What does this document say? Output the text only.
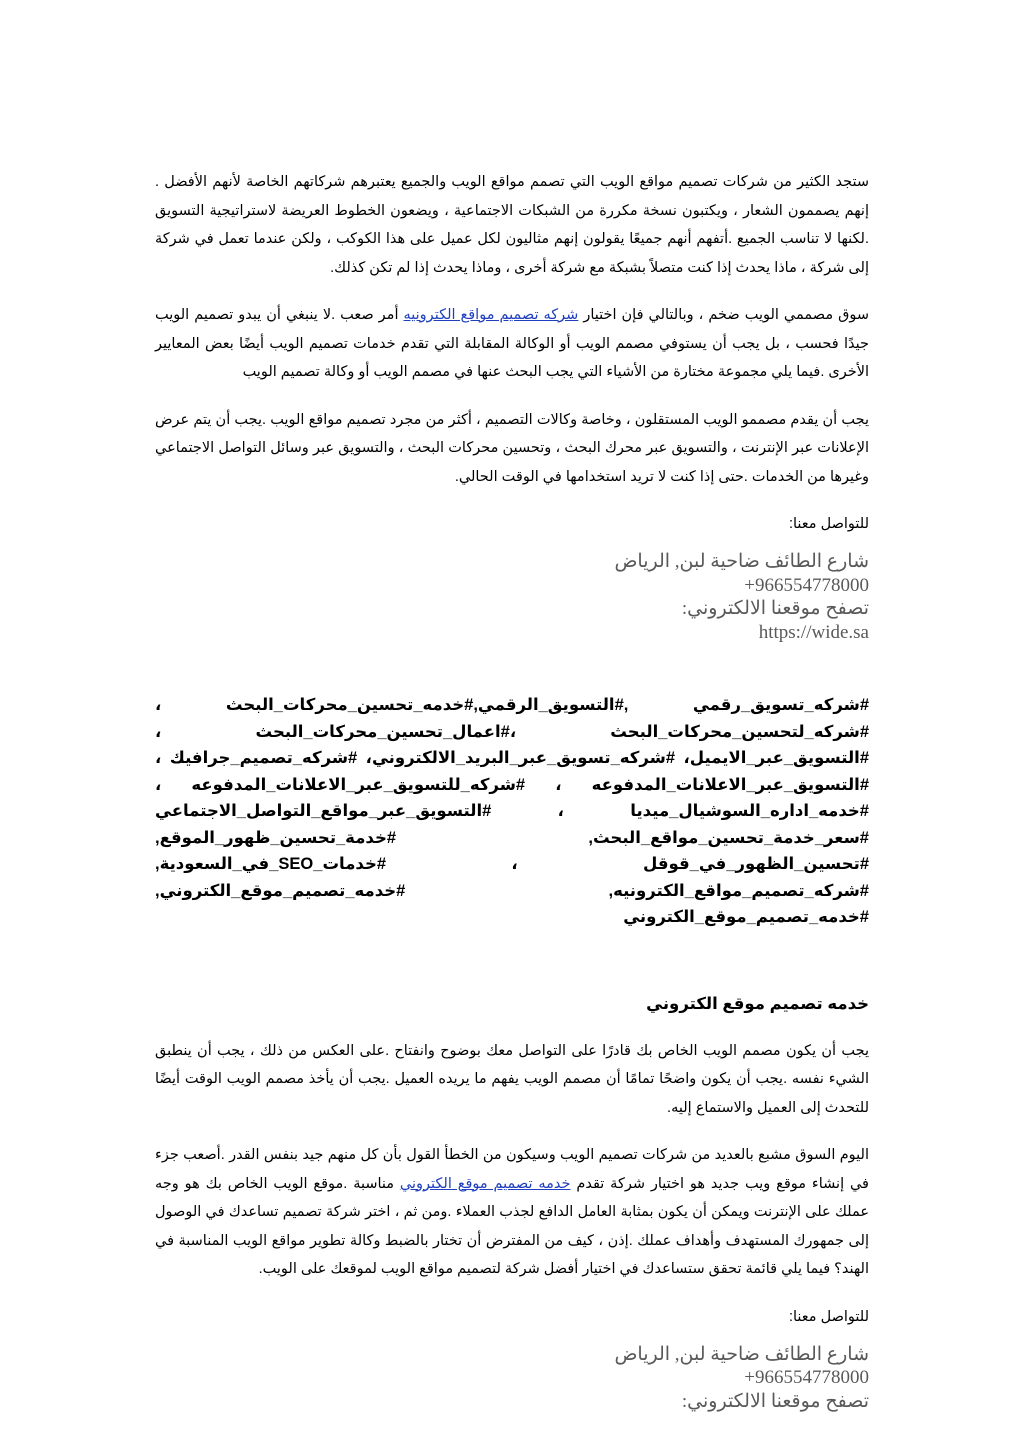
ستجد الكثير من شركات تصميم مواقع الويب التي تصمم مواقع الويب والجميع يعتبرهم شركاتهم الخاصة لأنهم الأفضل . إنهم يصممون الشعار ، ويكتبون نسخة مكررة من الشبكات الاجتماعية ، ويضعون الخطوط العريضة لاستراتيجية التسويق .لكنها لا تناسب الجميع .أتفهم أنهم جميعًا يقولون إنهم مثاليون لكل عميل على هذا الكوكب ، ولكن عندما تعمل في شركة إلى شركة ، ماذا يحدث إذا كنت متصلاً بشبكة مع شركة أخرى ، وماذا يحدث إذا لم تكن كذلك.

سوق مصممي الويب ضخم ، وبالتالي فإن اختيار شركه تصميم مواقع الكترونيه أمر صعب .لا ينبغي أن يبدو تصميم الويب جيدًا فحسب ، بل يجب أن يستوفي مصمم الويب أو الوكالة المقابلة التي تقدم خدمات تصميم الويب أيضًا بعض المعايير الأخرى .فيما يلي مجموعة مختارة من الأشياء التي يجب البحث عنها في مصمم الويب أو وكالة تصميم الويب

يجب أن يقدم مصممو الويب المستقلون ، وخاصة وكالات التصميم ، أكثر من مجرد تصميم مواقع الويب .يجب أن يتم عرض الإعلانات عبر الإنترنت ، والتسويق عبر محرك البحث ، وتحسين محركات البحث ، والتسويق عبر وسائل التواصل الاجتماعي وغيرها من الخدمات .حتى إذا كنت لا تريد استخدامها في الوقت الحالي.

للتواصل معنا:
شارع الطائف ضاحية لبن, الرياض
+966554778000
تصفح موقعنا الالكتروني:
https://wide.sa

#شركه_تسويق_رقمي ,#التسويق_الرقمي,#خدمه_تحسين_محركات_البحث ، #شركه_لتحسين_محركات_البحث ،#اعمال_تحسين_محركات_البحث ، #التسويق_عبر_الايميل، #شركه_تسويق_عبر_البريد_الالكتروني، #شركه_تصميم_جرافيك ، #التسويق_عبر_الاعلانات_المدفوعه ، #شركه_للتسويق_عبر_الاعلانات_المدفوعه ، #خدمه_اداره_السوشيال_ميديا ، #التسويق_عبر_مواقع_التواصل_الاجتماعي #سعر_خدمة_تحسين_مواقع_البحث, #خدمة_تحسين_ظهور_الموقع, #تحسين_الظهور_في_قوقل ، #خدمات_SEO_في_السعودية, #شركه_تصميم_مواقع_الكترونيه, #خدمه_تصميم_موقع_الكتروني, #خدمه_تصميم_موقع_الكتروني

خدمه تصميم موقع الكتروني

يجب أن يكون مصمم الويب الخاص بك قادرًا على التواصل معك بوضوح وانفتاح .على العكس من ذلك ، يجب أن ينطبق الشيء نفسه .يجب أن يكون واضحًا تمامًا أن مصمم الويب يفهم ما يريده العميل .يجب أن يأخذ مصمم الويب الوقت أيضًا للتحدث إلى العميل والاستماع إليه.

اليوم السوق مشبع بالعديد من شركات تصميم الويب وسيكون من الخطأ القول بأن كل منهم جيد بنفس القدر .أصعب جزء في إنشاء موقع ويب جديد هو اختيار شركة تقدم خدمه تصميم موقع الكتروني مناسبة .موقع الويب الخاص بك هو وجه عملك على الإنترنت ويمكن أن يكون بمثابة العامل الدافع لجذب العملاء .ومن ثم ، اختر شركة تصميم تساعدك في الوصول إلى جمهورك المستهدف وأهداف عملك .إذن ، كيف من المفترض أن تختار بالضبط وكالة تطوير مواقع الويب المناسبة في الهند؟ فيما يلي قائمة تحقق ستساعدك في اختيار أفضل شركة لتصميم مواقع الويب لموقعك على الويب.

للتواصل معنا:
شارع الطائف ضاحية لبن, الرياض
+966554778000
تصفح موقعنا الالكتروني:
